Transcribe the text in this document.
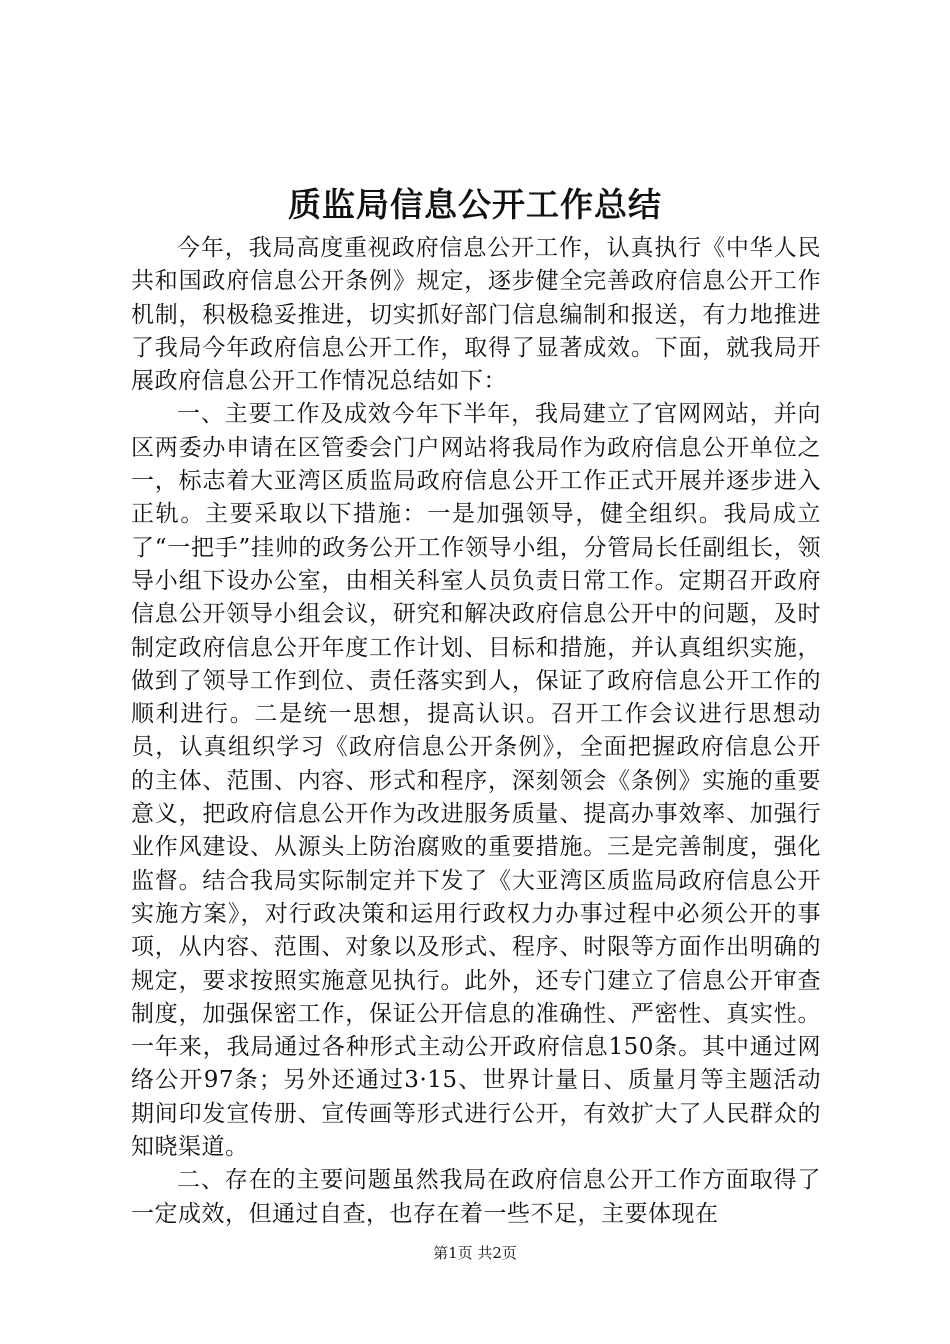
质监局信息公开工作总结

今年，我局高度重视政府信息公开工作，认真执行《中华人民共和国政府信息公开条例》规定，逐步健全完善政府信息公开工作机制，积极稳妥推进，切实抓好部门信息编制和报送，有力地推进了我局今年政府信息公开工作，取得了显著成效。下面，就我局开展政府信息公开工作情况总结如下：

一、主要工作及成效今年下半年，我局建立了官网网站，并向区两委办申请在区管委会门户网站将我局作为政府信息公开单位之一，标志着大亚湾区质监局政府信息公开工作正式开展并逐步进入正轨。主要采取以下措施：一是加强领导，健全组织。我局成立了“一把手”挂帅的政务公开工作领导小组，分管局长任副组长，领导小组下设办公室，由相关科室人员负责日常工作。定期召开政府信息公开领导小组会议，研究和解决政府信息公开中的问题，及时制定政府信息公开年度工作计划、目标和措施，并认真组织实施，做到了领导工作到位、责任落实到人，保证了政府信息公开工作的顺利进行。二是统一思想，提高认识。召开工作会议进行思想动员，认真组织学习《政府信息公开条例》，全面把握政府信息公开的主体、范围、内容、形式和程序，深刻领会《条例》实施的重要意义，把政府信息公开作为改进服务质量、提高办事效率、加强行业作风建设、从源头上防治腐败的重要措施。三是完善制度，强化监督。结合我局实际制定并下发了《大亚湾区质监局政府信息公开实施方案》，对行政决策和运用行政权力办事过程中必须公开的事项，从内容、范围、对象以及形式、程序、时限等方面作出明确的规定，要求按照实施意见执行。此外，还专门建立了信息公开审查制度，加强保密工作，保证公开信息的准确性、严密性、真实性。一年来，我局通过各种形式主动公开政府信息150条。其中通过网络公开97条；另外还通过3·15、世界计量日、质量月等主题活动期间印发宣传册、宣传画等形式进行公开，有效扩大了人民群众的知晓渠道。

二、存在的主要问题虽然我局在政府信息公开工作方面取得了一定成效，但通过自查，也存在着一些不足，主要体现在

第1页 共2页
